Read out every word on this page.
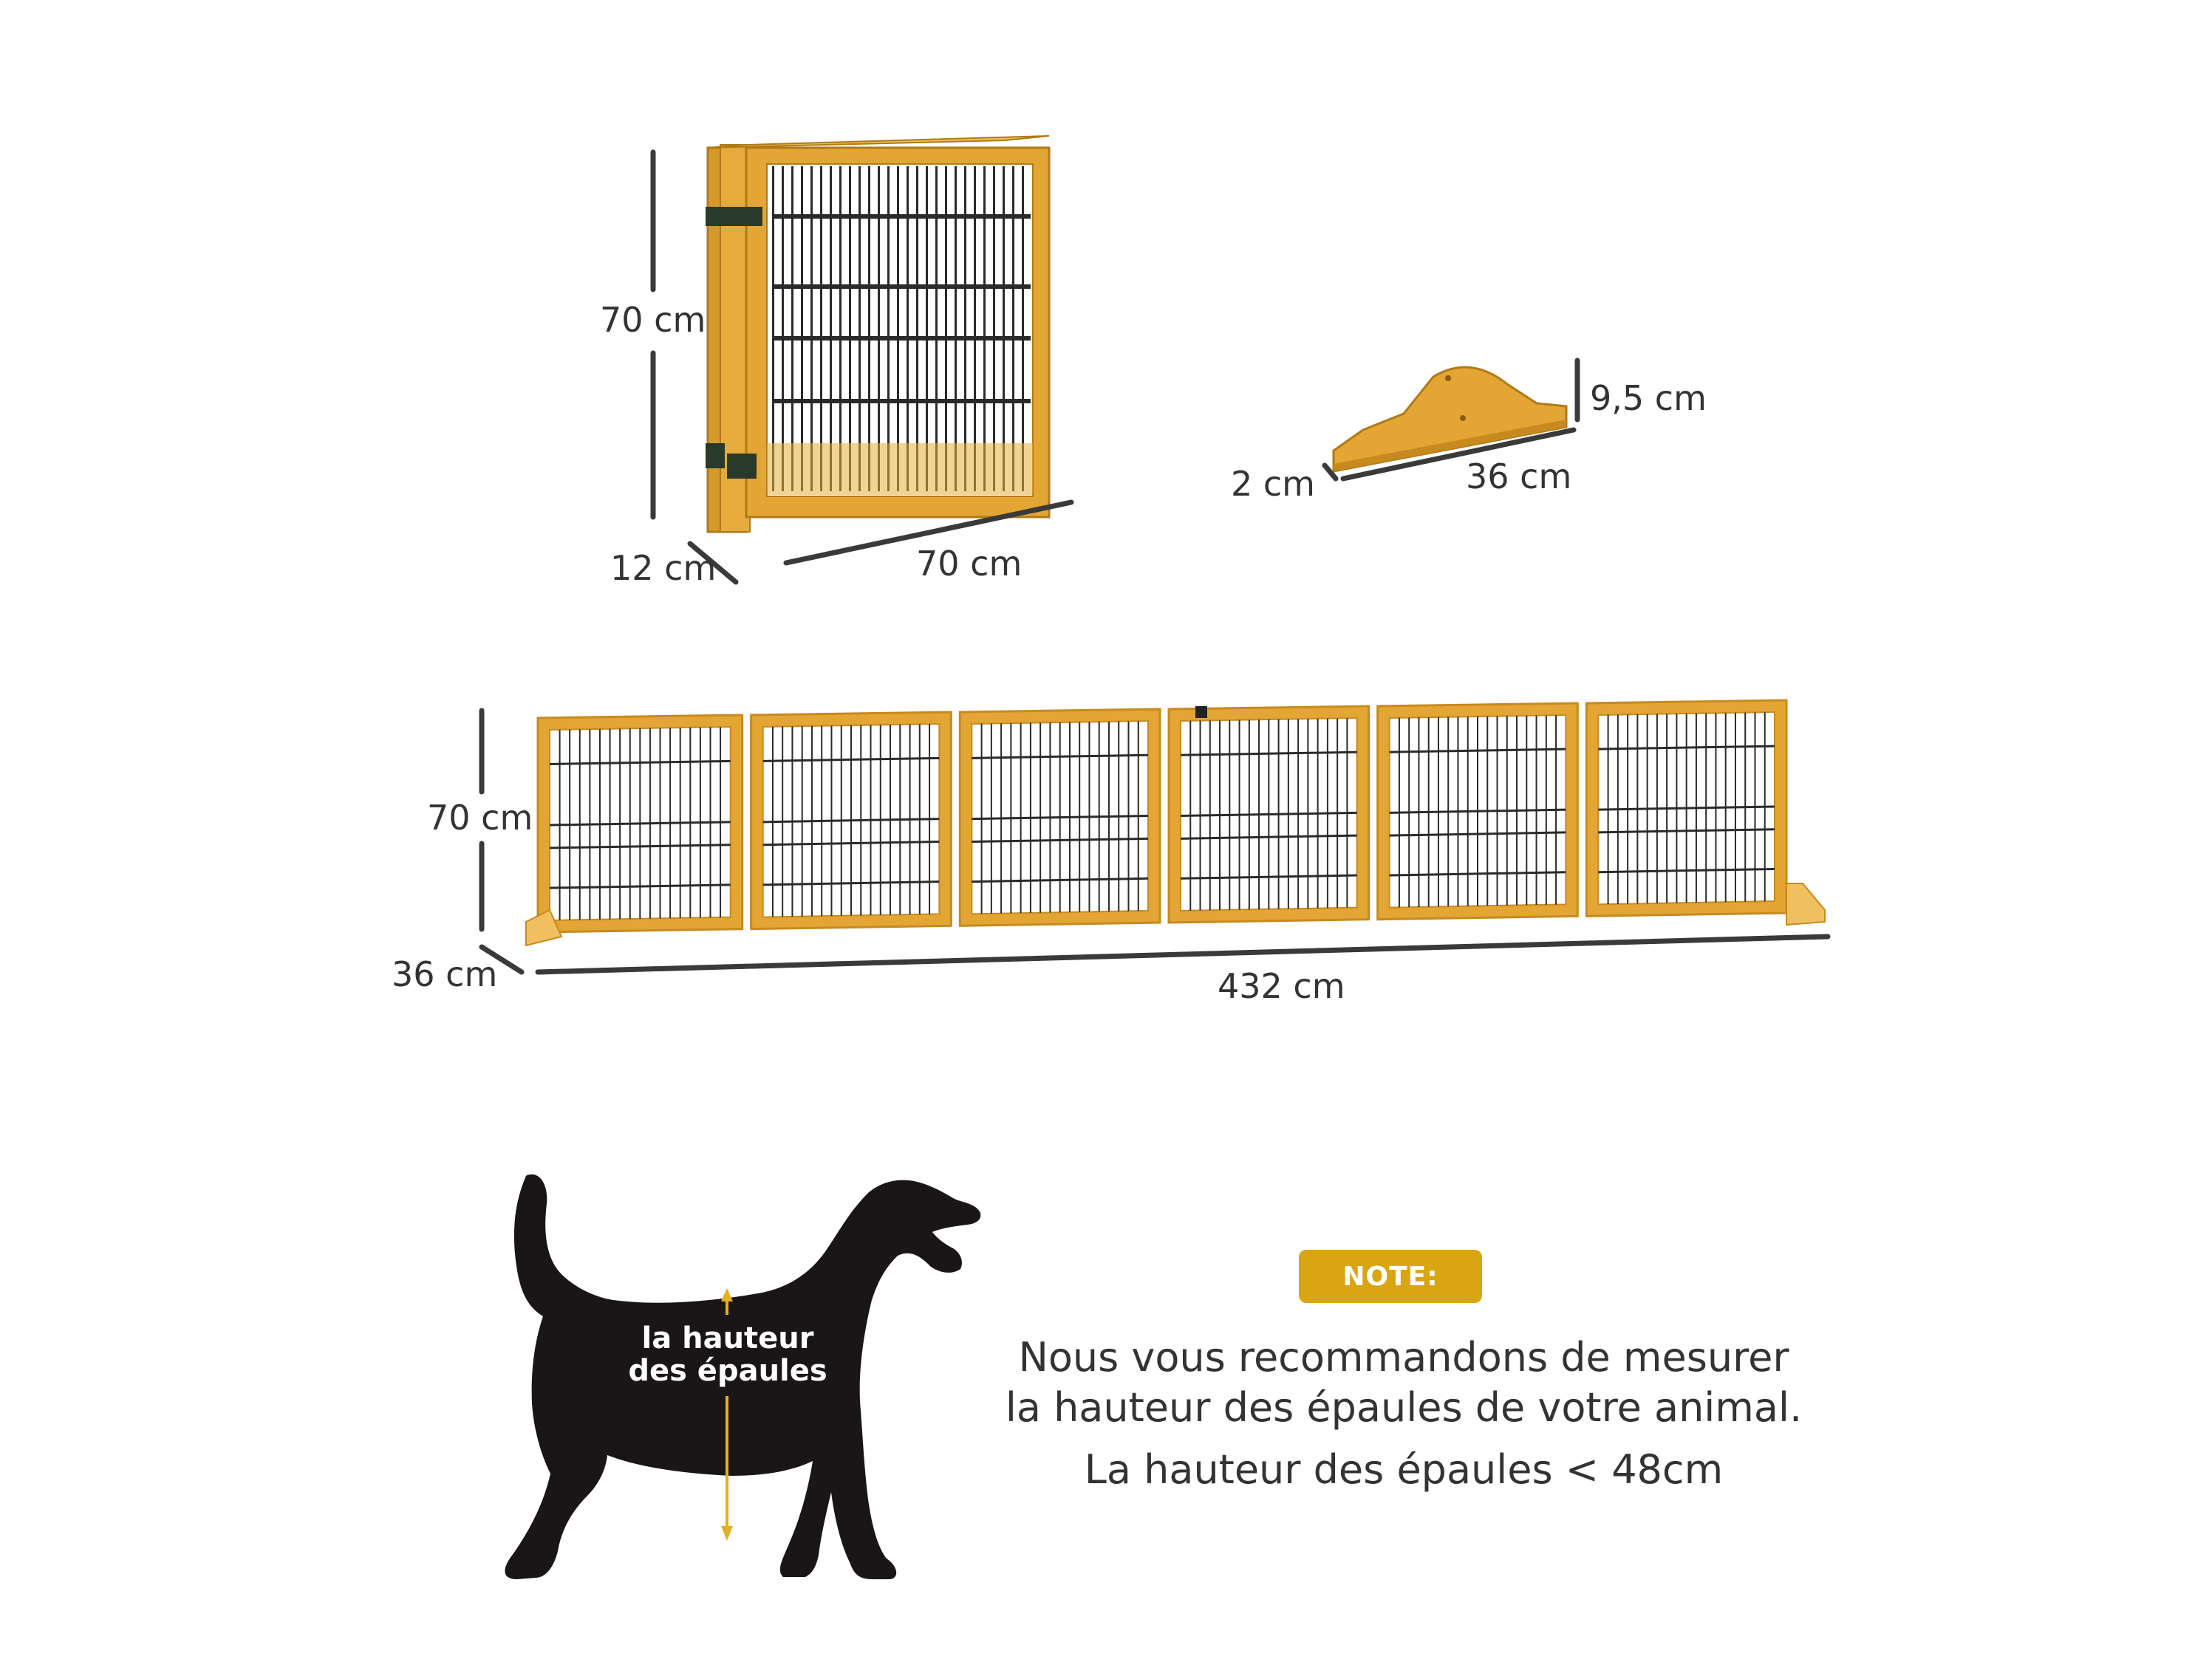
70 cm
12 cm	70 cm
9,5 cm
2 cm	36 cm
70 cm
36 cm	432 cm
la hauteur
des épaules
NOTE:
Nous vous recommandons de mesurer
la hauteur des épaules de votre animal.
La hauteur des épaules < 48cm
